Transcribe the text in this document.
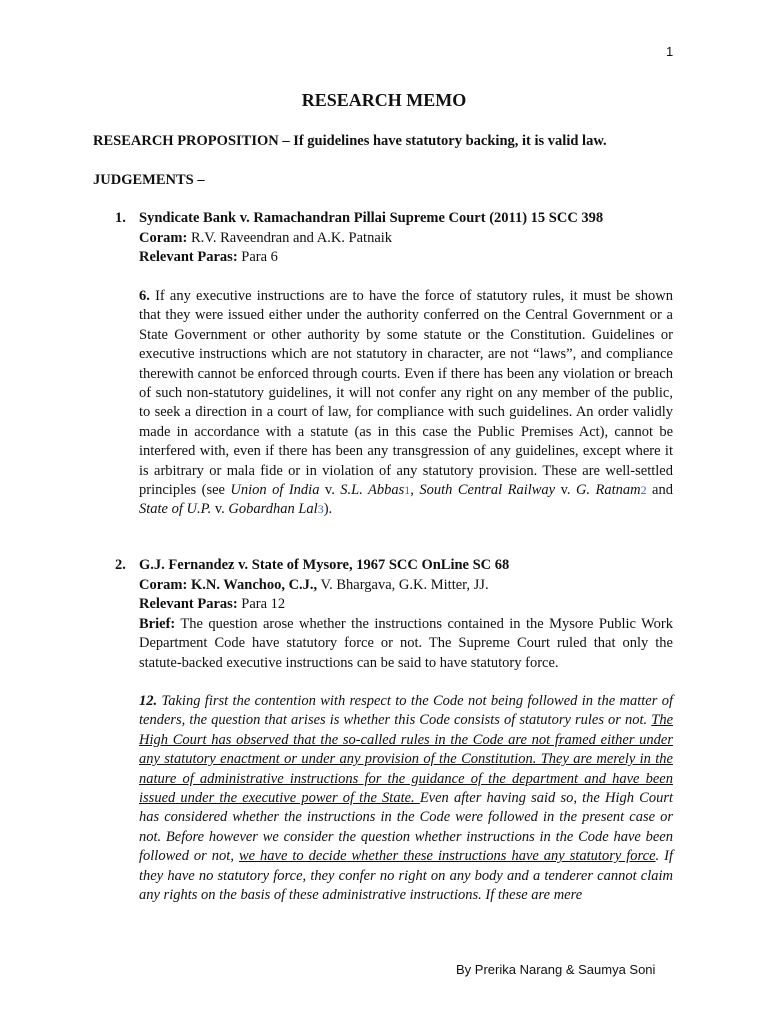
1
RESEARCH MEMO
RESEARCH PROPOSITION – If guidelines have statutory backing, it is valid law.
JUDGEMENTS –
1. Syndicate Bank v. Ramachandran Pillai Supreme Court (2011) 15 SCC 398
Coram: R.V. Raveendran and A.K. Patnaik
Relevant Paras: Para 6
6. If any executive instructions are to have the force of statutory rules, it must be shown that they were issued either under the authority conferred on the Central Government or a State Government or other authority by some statute or the Constitution. Guidelines or executive instructions which are not statutory in character, are not “laws”, and compliance therewith cannot be enforced through courts. Even if there has been any violation or breach of such non-statutory guidelines, it will not confer any right on any member of the public, to seek a direction in a court of law, for compliance with such guidelines. An order validly made in accordance with a statute (as in this case the Public Premises Act), cannot be interfered with, even if there has been any transgression of any guidelines, except where it is arbitrary or mala fide or in violation of any statutory provision. These are well-settled principles (see Union of India v. S.L. Abbas1, South Central Railway v. G. Ratnam2 and State of U.P. v. Gobardhan Lal3).
2. G.J. Fernandez v. State of Mysore, 1967 SCC OnLine SC 68
Coram: K.N. Wanchoo, C.J., V. Bhargava, G.K. Mitter, JJ.
Relevant Paras: Para 12
Brief: The question arose whether the instructions contained in the Mysore Public Work Department Code have statutory force or not. The Supreme Court ruled that only the statute-backed executive instructions can be said to have statutory force.
12. Taking first the contention with respect to the Code not being followed in the matter of tenders, the question that arises is whether this Code consists of statutory rules or not. The High Court has observed that the so-called rules in the Code are not framed either under any statutory enactment or under any provision of the Constitution. They are merely in the nature of administrative instructions for the guidance of the department and have been issued under the executive power of the State. Even after having said so, the High Court has considered whether the instructions in the Code were followed in the present case or not. Before however we consider the question whether instructions in the Code have been followed or not, we have to decide whether these instructions have any statutory force. If they have no statutory force, they confer no right on any body and a tenderer cannot claim any rights on the basis of these administrative instructions. If these are mere
By Prerika Narang & Saumya Soni
